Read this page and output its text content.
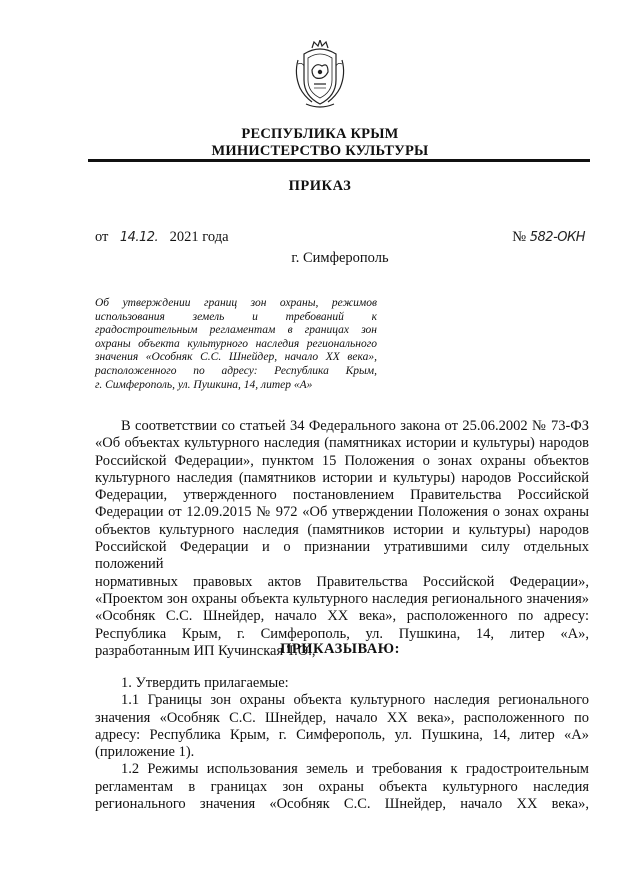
РЕСПУБЛИКА КРЫМ
МИНИСТЕРСТВО КУЛЬТУРЫ
ПРИКАЗ
от 14.12. 2021 года	№ 582-ОКН
г. Симферополь
Об утверждении границ зон охраны, режимов
использования земель и требований к
градостроительным регламентам в границах зон
охраны объекта культурного наследия регионального
значения «Особняк С.С. Шнейдер, начало XX века»,
расположенного по адресу: Республика Крым,
г. Симферополь, ул. Пушкина, 14, литер «А»
В соответствии со статьей 34 Федерального закона от 25.06.2002 № 73-ФЗ
«Об объектах культурного наследия (памятниках истории и культуры) народов
Российской Федерации», пунктом 15 Положения о зонах охраны объектов
культурного наследия (памятников истории и культуры) народов Российской
Федерации, утвержденного постановлением Правительства Российской
Федерации от 12.09.2015 № 972 «Об утверждении Положения о зонах охраны
объектов культурного наследия (памятников истории и культуры) народов
Российской Федерации и о признании утратившими силу отдельных положений
нормативных правовых актов Правительства Российской Федерации»,
«Проектом зон охраны объекта культурного наследия регионального значения»
«Особняк С.С. Шнейдер, начало XX века», расположенного по адресу:
Республика Крым, г. Симферополь, ул. Пушкина, 14, литер «А»,
разработанным ИП Кучинская Т.О.,
ПРИКАЗЫВАЮ:
1. Утвердить прилагаемые:
1.1 Границы зон охраны объекта культурного наследия регионального
значения «Особняк С.С. Шнейдер, начало XX века», расположенного по
адресу: Республика Крым, г. Симферополь, ул. Пушкина, 14, литер «А»
(приложение 1).
1.2 Режимы использования земель и требования к градостроительным
регламентам в границах зон охраны объекта культурного наследия
регионального значения «Особняк С.С. Шнейдер, начало XX века»,
